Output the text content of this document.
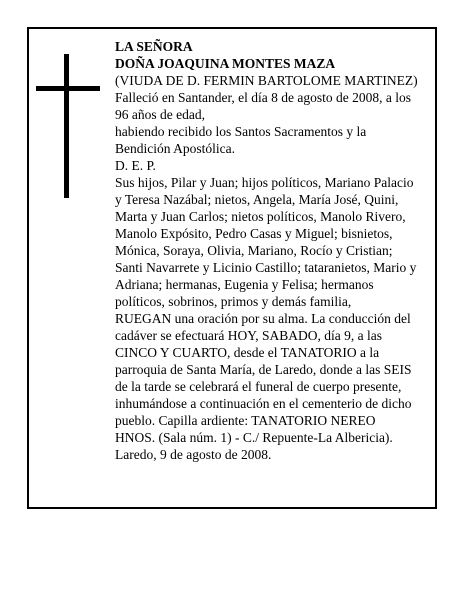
LA SEÑORA
DOÑA JOAQUINA MONTES MAZA
(VIUDA DE D. FERMIN BARTOLOME MARTINEZ)
Falleció en Santander, el día 8 de agosto de 2008, a los
96 años de edad,
habiendo recibido los Santos Sacramentos y la
Bendición Apostólica.
D. E. P.
Sus hijos, Pilar y Juan; hijos políticos, Mariano Palacio
y Teresa Nazábal; nietos, Angela, María José, Quini,
Marta y Juan Carlos; nietos políticos, Manolo Rivero,
Manolo Expósito, Pedro Casas y Miguel; bisnietos,
Mónica, Soraya, Olivia, Mariano, Rocío y Cristian;
Santi Navarrete y Licinio Castillo; tataranietos, Mario y
Adriana; hermanas, Eugenia y Felisa; hermanos
políticos, sobrinos, primos y demás familia,
RUEGAN una oración por su alma. La conducción del
cadáver se efectuará HOY, SABADO, día 9, a las
CINCO Y CUARTO, desde el TANATORIO a la
parroquia de Santa María, de Laredo, donde a las SEIS
de la tarde se celebrará el funeral de cuerpo presente,
inhumándose a continuación en el cementerio de dicho
pueblo. Capilla ardiente: TANATORIO NEREO
HNOS. (Sala núm. 1) - C./ Repuente-La Albericia).
Laredo, 9 de agosto de 2008.
